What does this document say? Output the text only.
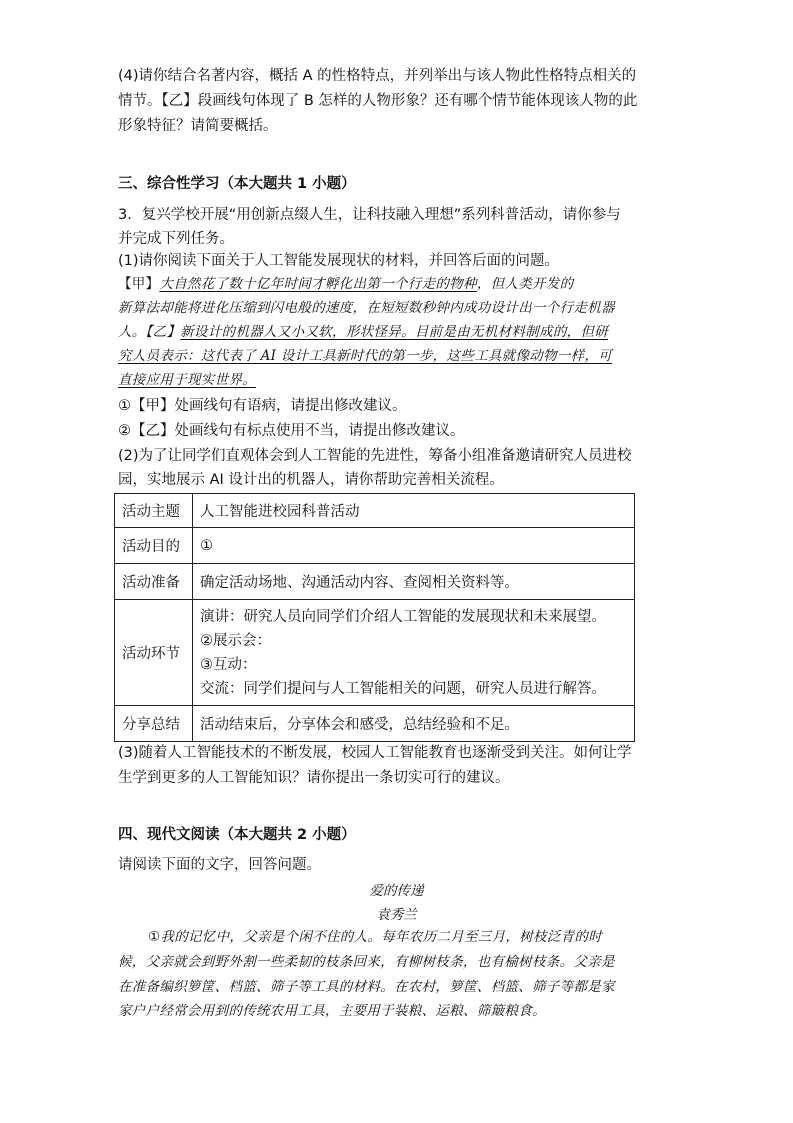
(4)请你结合名著内容，概括 A 的性格特点，并列举出与该人物此性格特点相关的

情节。【乙】段画线句体现了 B 怎样的人物形象？还有哪个情节能体现该人物的此

形象特征？请简要概括。

三、综合性学习（本大题共 1 小题）

3．复兴学校开展“用创新点缀人生，让科技融入理想”系列科普活动，请你参与

并完成下列任务。

(1)请你阅读下面关于人工智能发展现状的材料，并回答后面的问题。

【甲】大自然花了数十亿年时间才孵化出第一个行走的物种，但人类开发的

新算法却能将进化压缩到闪电般的速度，在短短数秒钟内成功设计出一个行走机器

人。【乙】新设计的机器人又小又软，形状怪异。目前是由无机材料制成的，但研

究人员表示：这代表了 AI 设计工具新时代的第一步，这些工具就像动物一样，可

直接应用于现实世界。

①【甲】处画线句有语病，请提出修改建议。

②【乙】处画线句有标点使用不当，请提出修改建议。

(2)为了让同学们直观体会到人工智能的先进性，筹备小组准备邀请研究人员进校

园，实地展示 AI 设计出的机器人，请你帮助完善相关流程。

活动主题	人工智能进校园科普活动
活动目的	①
活动准备	确定活动场地、沟通活动内容、查阅相关资料等。
活动环节	演讲：研究人员向同学们介绍人工智能的发展现状和未来展望。
②展示会：
③互动：
交流：同学们提问与人工智能相关的问题，研究人员进行解答。

分享总结	活动结束后，分享体会和感受，总结经验和不足。

(3)随着人工智能技术的不断发展，校园人工智能教育也逐渐受到关注。如何让学

生学到更多的人工智能知识？请你提出一条切实可行的建议。

四、现代文阅读（本大题共 2 小题）

请阅读下面的文字，回答问题。

爱的传递

袁秀兰

①我的记忆中，父亲是个闲不住的人。每年农历二月至三月，树枝泛青的时

候，父亲就会到野外割一些柔韧的枝条回来，有柳树枝条，也有榆树枝条。父亲是

在准备编织箩筐、档篮、筛子等工具的材料。在农村，箩筐、档篮、筛子等都是家

家户户经常会用到的传统农用工具，主要用于装粮、运粮、筛簸粮食。
